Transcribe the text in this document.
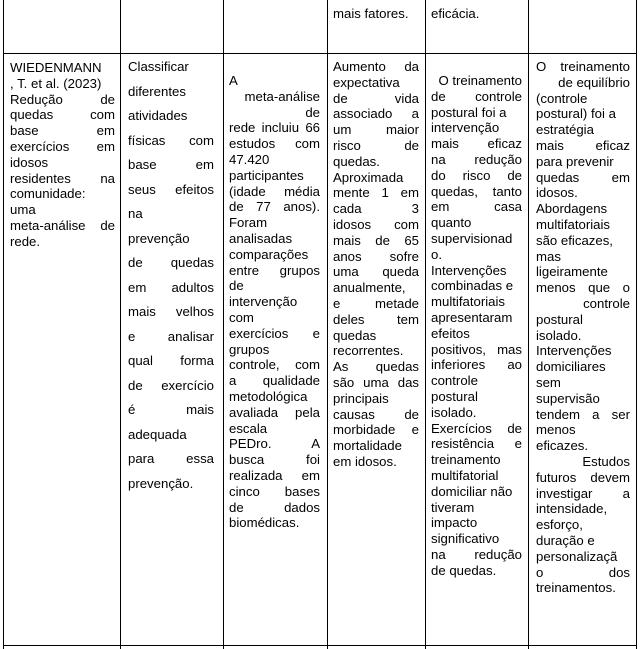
mais fatores. eficácia.

WIEDENMANN

, T. et al. (2023)

Redução de

quedas com

base em

exercícios em

idosos

residentes na

comunidade:

uma

meta-análise de

rede.

Classificar

diferentes

atividades

físicas com

base em

seus efeitos

na

prevenção

de quedas

em adultos

mais velhos

e analisar

qual forma

de exercício

é mais

adequada

para essa

prevenção.

A

meta-análise de

rede incluiu 66

estudos com

47.420

participantes

(idade média

de 77 anos).

Foram

analisadas

comparações

entre grupos

de

intervenção

com

exercícios e

grupos

controle, com

a qualidade

metodológica

avaliada pela

escala

PEDro. A

busca foi

realizada em

cinco bases

de dados

biomédicas.

Aumento da

expectativa

de vida

associado a

um maior

risco de

quedas.

Aproximada

mente 1 em

cada 3

idosos com

mais de 65

anos sofre

uma queda

anualmente,

e metade

deles tem

quedas

recorrentes.

As quedas

são uma das

principais

causas de

morbidade e

mortalidade

em idosos.

O treinamento

de controle

postural foi a

intervenção

mais eficaz

na redução

do risco de

quedas, tanto

em casa

quanto

supervisionad

o.

Intervenções

combinadas e

multifatoriais

apresentaram

efeitos

positivos, mas

inferiores ao

controle

postural

isolado.

Exercícios de

resistência e

treinamento

multifatorial

domiciliar não

tiveram

impacto

significativo

na redução

de quedas.

O treinamento

de equilíbrio

(controle

postural) foi a

estratégia

mais eficaz

para prevenir

quedas em

idosos.

Abordagens

multifatoriais

são eficazes,

mas

ligeiramente

menos que o

controle

postural

isolado.

Intervenções

domiciliares

sem

supervisão

tendem a ser

menos

eficazes.

Estudos

futuros devem

investigar a

intensidade,

esforço,

duração e

personalizaçã

o dos

treinamentos.
